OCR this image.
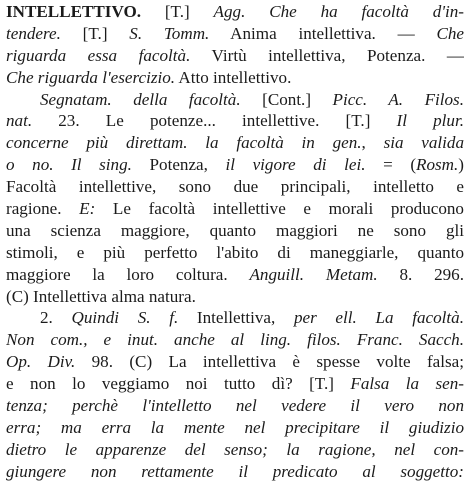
INTELLETTIVO. [T.] Agg. Che ha facoltà d'in-
tendere. [T.] S. Tomm. Anima intellettiva. — Che
riguarda essa facoltà. Virtù intellettiva, Potenza. —
Che riguarda l'esercizio. Atto intellettivo.
Segnatam. della facoltà. [Cont.] Picc. A. Filos.
nat. 23. Le potenze... intellettive. [T.] Il plur.
concerne più direttam. la facoltà in gen., sia valida
o no. Il sing. Potenza, il vigore di lei. = (Rosm.)
Facoltà intellettive, sono due principali, intelletto e
ragione. E: Le facoltà intellettive e morali producono
una scienza maggiore, quanto maggiori ne sono gli
stimoli, e più perfetto l'abito di maneggiarle, quanto
maggiore la loro coltura. Anguill. Metam. 8. 296.
(C) Intellettiva alma natura.
2. Quindi S. f. Intellettiva, per ell. La facoltà.
Non com., e inut. anche al ling. filos. Franc. Sacch.
Op. Div. 98. (C) La intellettiva è spesse volte falsa;
e non lo veggiamo noi tutto dì? [T.] Falsa la sen-
tenza; perchè l'intelletto nel vedere il vero non
erra; ma erra la mente nel precipitare il giudizio
dietro le apparenze del senso; la ragione, nel con-
giungere non rettamente il predicato al soggetto:
